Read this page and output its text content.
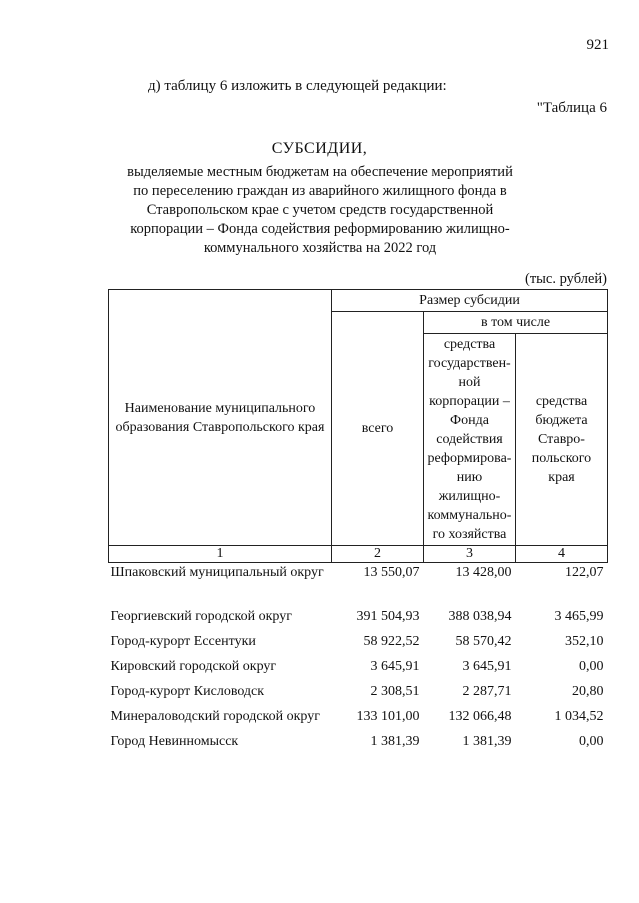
921
д) таблицу 6 изложить в следующей редакции:
"Таблица 6
СУБСИДИИ,
выделяемые местным бюджетам на обеспечение мероприятий по переселению граждан из аварийного жилищного фонда в Ставропольском крае с учетом средств государственной корпорации – Фонда содействия реформированию жилищно-коммунального хозяйства на 2022 год
(тыс. рублей)
Наименование муниципального образования Ставропольского края	Размер субсидии		
	всего	в том числе	
		средства государствен-ной корпорации – Фонда содействия реформирова-нию жилищно-коммунально-го хозяйства	средства бюджета Ставро-польского края
1	2	3	4
Шпаковский муниципальный округ	13 550,07	13 428,00	122,07
Георгиевский городской округ	391 504,93	388 038,94	3 465,99
Город-курорт Ессентуки	58 922,52	58 570,42	352,10
Кировский городской округ	3 645,91	3 645,91	0,00
Город-курорт Кисловодск	2 308,51	2 287,71	20,80
Минераловодский городской округ	133 101,00	132 066,48	1 034,52
Город Невинномысск	1 381,39	1 381,39	0,00
